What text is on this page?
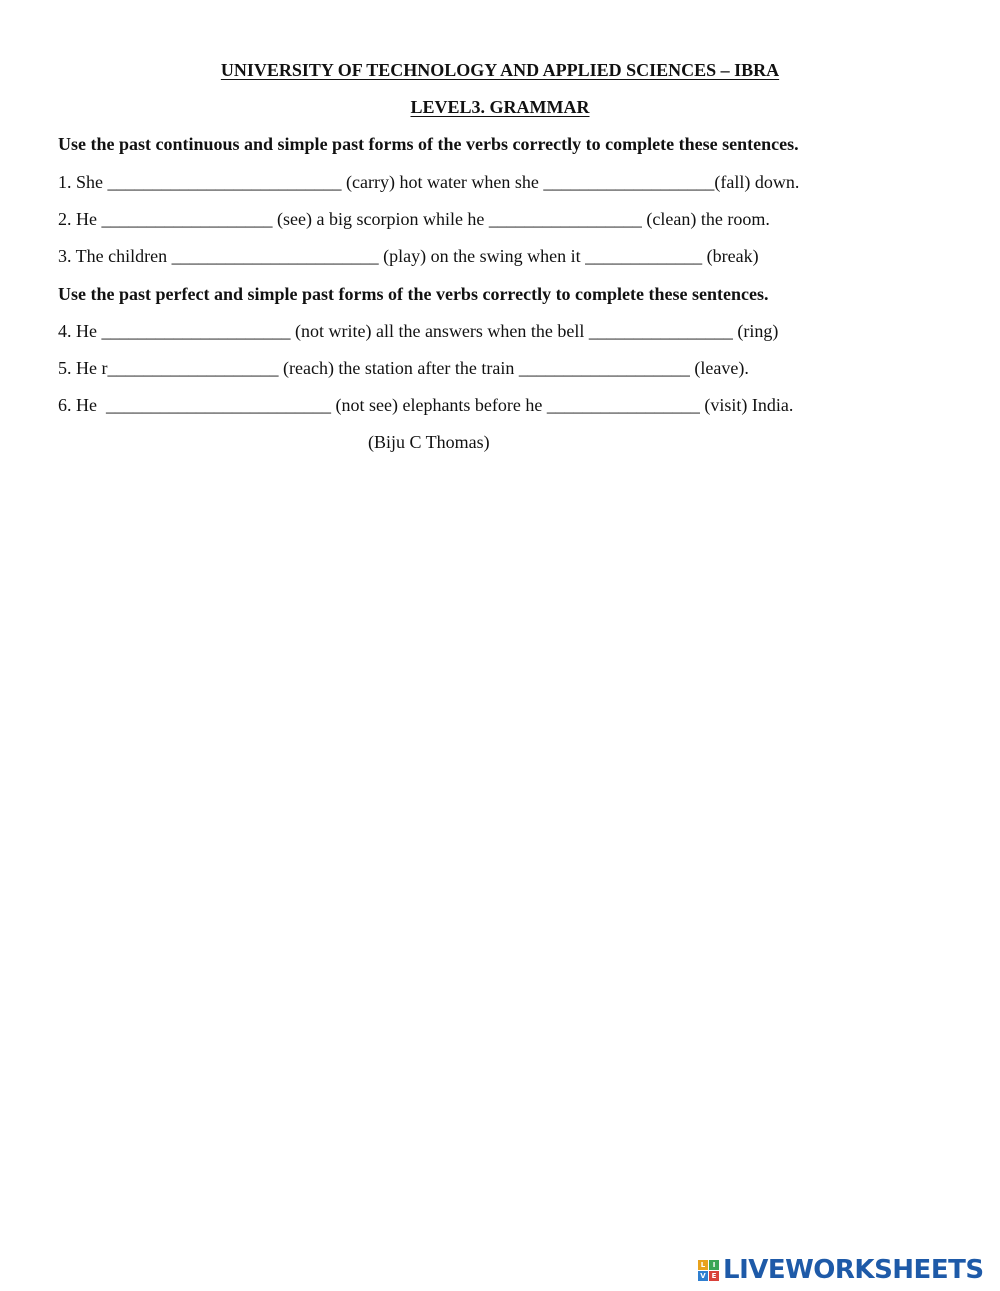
UNIVERSITY OF TECHNOLOGY AND APPLIED SCIENCES – IBRA
LEVEL3. GRAMMAR
Use the past continuous and simple past forms of the verbs correctly to complete these sentences.
1. She __________________________ (carry) hot water when she ___________________(fall) down.
2. He ___________________ (see) a big scorpion while he _________________ (clean) the room.
3. The children _______________________ (play) on the swing when it _____________ (break)
Use the past perfect and simple past forms of the verbs correctly to complete these sentences.
4. He _____________________ (not write) all the answers when the bell ________________ (ring)
5. He r___________________ (reach) the station after the train ___________________ (leave).
6. He  _________________________ (not see) elephants before he _________________ (visit) India.
(Biju C Thomas)
L	I
V E LIVEWORKSHEETS
